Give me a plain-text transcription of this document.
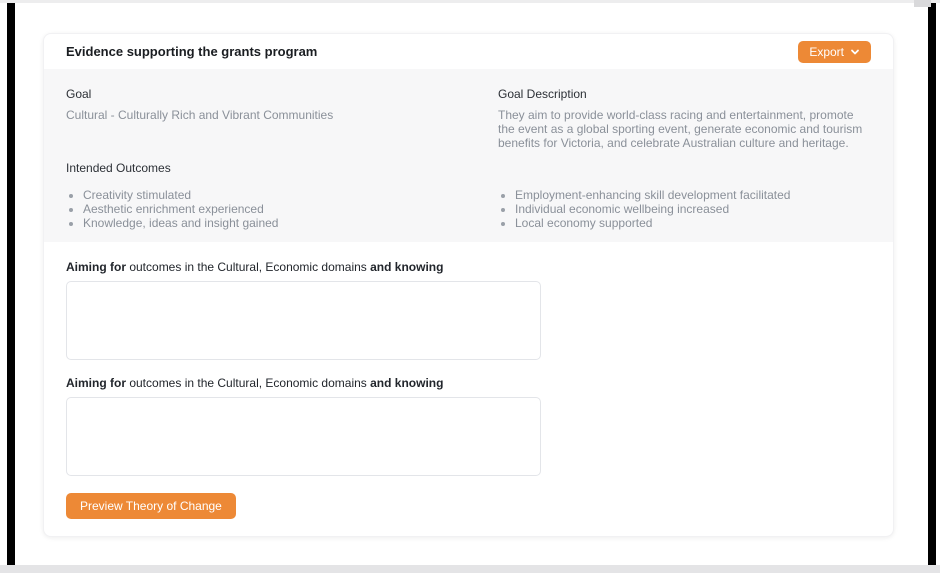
Evidence supporting the grants program	Export

Goal

Cultural - Culturally Rich and Vibrant Communities

Goal Description

They aim to provide world-class racing and entertainment, promote the event as a global sporting event, generate economic and tourism benefits for Victoria, and celebrate Australian culture and heritage.

Intended Outcomes

• Creativity stimulated
• Aesthetic enrichment experienced
• Knowledge, ideas and insight gained
• Employment-enhancing skill development facilitated
• Individual economic wellbeing increased
• Local economy supported

Aiming for outcomes in the Cultural, Economic domains and knowing

Aiming for outcomes in the Cultural, Economic domains and knowing

Preview Theory of Change
